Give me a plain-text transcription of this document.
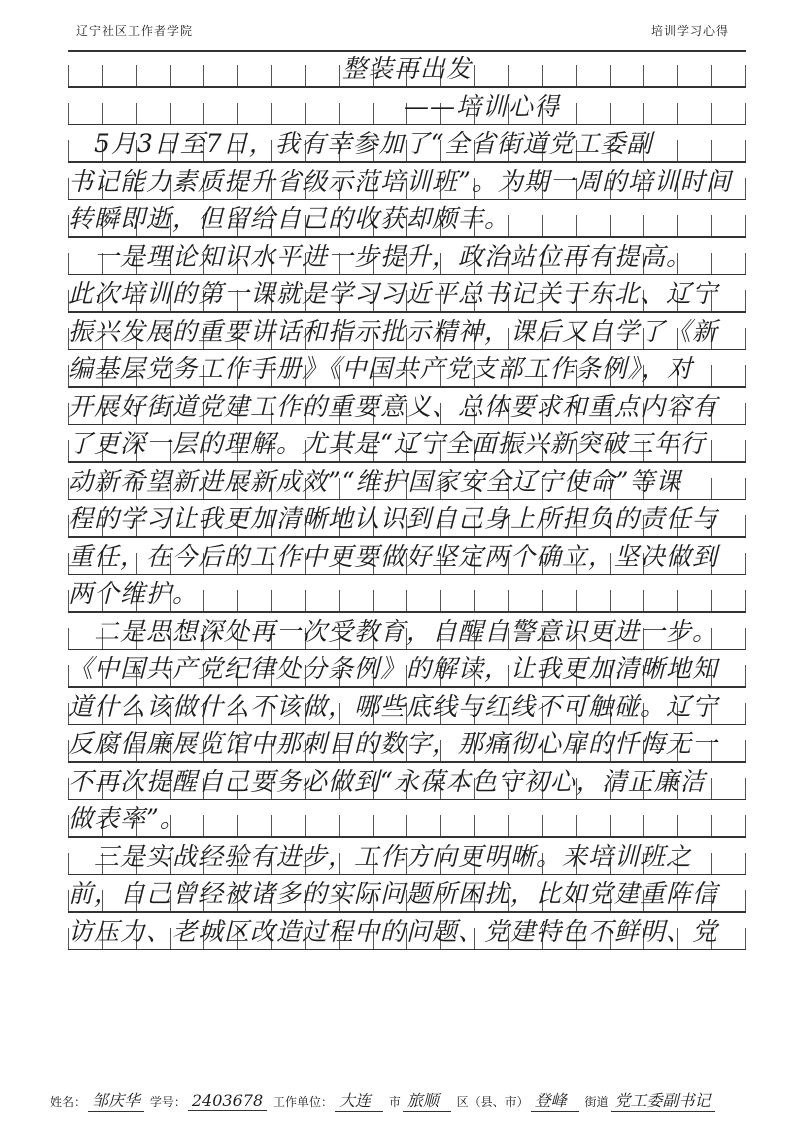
辽宁社区工作者学院	培训学习心得
整装再出发
——培训心得
　5月3日至7日，我有幸参加了“全省街道党工委副
书记能力素质提升省级示范培训班”。为期一周的培训时间
转瞬即逝，但留给自己的收获却颇丰。
　一是理论知识水平进一步提升，政治站位再有提高。
此次培训的第一课就是学习习近平总书记关于东北、辽宁
振兴发展的重要讲话和指示批示精神，课后又自学了《新
编基层党务工作手册》《中国共产党支部工作条例》，对
开展好街道党建工作的重要意义、总体要求和重点内容有
了更深一层的理解。尤其是“辽宁全面振兴新突破三年行
动新希望新进展新成效”“维护国家安全辽宁使命”等课
程的学习让我更加清晰地认识到自己身上所担负的责任与
重任，在今后的工作中更要做好坚定两个确立，坚决做到
两个维护。
　二是思想深处再一次受教育，自醒自警意识更进一步。
《中国共产党纪律处分条例》的解读，让我更加清晰地知
道什么该做什么不该做，哪些底线与红线不可触碰。辽宁
反腐倡廉展览馆中那刺目的数字，那痛彻心扉的忏悔无一
不再次提醒自己要务必做到“永葆本色守初心，清正廉洁
做表率”。
　三是实战经验有进步，工作方向更明晰。来培训班之
前，自己曾经被诸多的实际问题所困扰，比如党建重阵信
访压力、老城区改造过程中的问题、党建特色不鲜明、党
姓名： 邹庆华 学号： 2403678 工作单位： 大连 市 旅顺 区（县、市） 登峰 街道 党工委副书记
